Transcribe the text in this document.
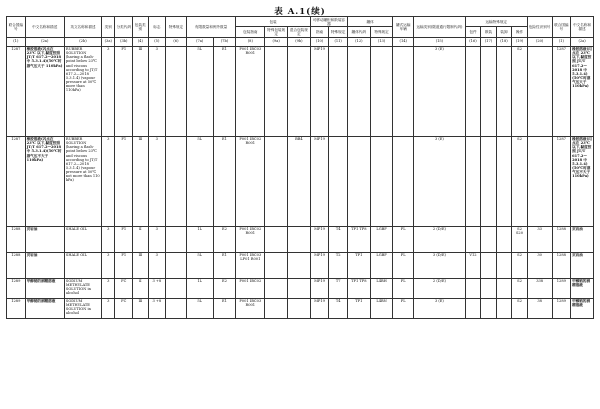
表 A.1(续)
联合国编号	中文名称和描述	英文名称和描述	类别	分类代码	包装类别	标志	特殊规定	有限数量和例外数量		包装			可移动罐柜和散装容器		罐体		罐式运输车辆	运输类别(隧道通行限制代码)	运输特殊规定				危险性识别号	联合国编号	中文名称和描述
										包装指南	特殊包装规定	混合包装规定	指南	特殊规定	罐体代码	特殊规定			包件	散装	装卸	操作			
(1)	(2a)	(2b)	(3a)	(3b)	(4)	(5)	(6)	(7a)	(7b)	(8)	(9a)	(9b)	(10)	(11)	(12)	(13)	(14)	(15)	(16)	(17)	(18)	(19)	(20)	(1)	(2a)
1287	橡胶溶液(闪点在 23℃ 以下,黏度按照 JT/T 617.2—2018 中 5.3.1.4)(50℃时蒸气压大于 110kPa)	RUBBER SOLUTION (having a flash-point below 23℃ and viscous according to JT/T 617.2—2018 5.3.1.4) (vapour pressure at 50℃ more than 110kPa)	3	F1	Ⅲ	3		5L	E1	P001 IBC03 R001			MP19					3 (E)				S2		1287	橡胶溶液(闪点在 23℃ 以下,黏度按照 JT/T 617.2—2018 中 5.3.1.4)(50℃时蒸气压大于 110kPa)
1287	橡胶溶液(闪点在 23℃ 以下,黏度按照 JT/T 617.2—2018 中 5.3.1.4)(50℃时蒸气压不大于 110kPa)	RUBBER SOLUTION (having a flash-point below 23℃ and viscous according to JT/T 617.2—2018 5.3.1.4) (vapour pressure at 50℃ not more than 110 kPa)	3	F1	Ⅲ	3		5L	E1	P001 IBC02 R001		BB4	MP19					3 (E)				S2		1287	橡胶溶液(闪点在 23℃ 以下,黏度按照 JT/T 617.2—2018 中 5.3.1.4)(50℃时蒸气压不大于 110kPa)
1288	页岩油	SHALE OIL	3	F1	Ⅱ	3		1L	E2	P001 IBC02 R001			MP19	T4	TP1 TP8	LGBF	FL	2 (D/E)				S2 S20	33	1288	页岩油
1288	页岩油	SHALE OIL	3	F1	Ⅲ	3		5L	E1	P001 IBC03 LP01 R001			MP19	T2	TP1	LGBF	FL	3 (D/E)	V12			S2	30	1288	页岩油
1289	甲醇钠的酒精溶液	SODIUM METHYLATE SOLUTION in alcohol	3	FC	Ⅱ	3 +8		1L	E2	P001 IBC02			MP19	T7	TP1 TP8	L4BH	FL	2 (D/E)				S2	338	1289	甲醇钠的酒精溶液
1289	甲醇钠的酒精溶液	SODIUM METHYLATE SOLUTION in alcohol	3	FC	Ⅲ	3 +8		5L	E1	P001 IBC03 R001			MP19	T4	TP1	L4BN	FL	3 (E)				S2	38	1289	甲醇钠的酒精溶液
